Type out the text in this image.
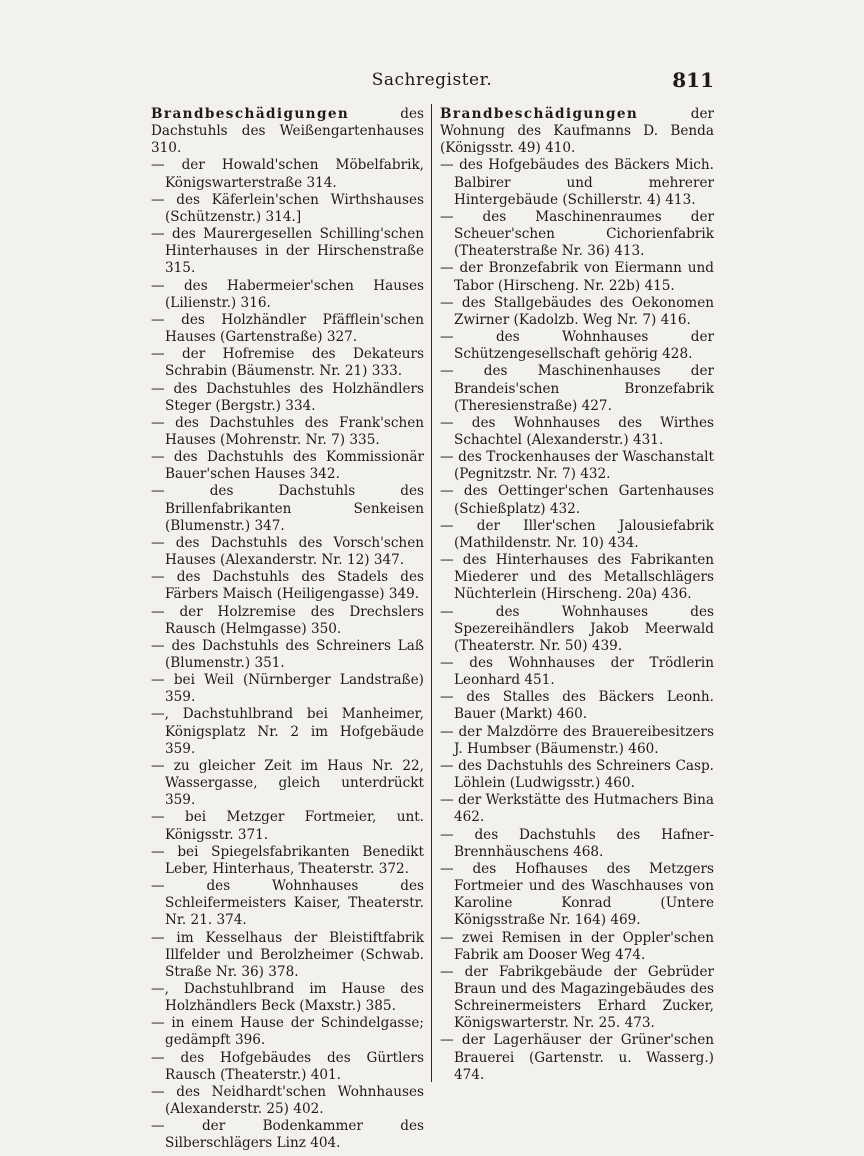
Sachregister.	811

Brandbeschädigungen des Dachstuhls des Weißengartenhauses 310.

— der Howald'schen Möbelfabrik, Königswarterstraße 314.

— des Käferlein'schen Wirthshauses (Schützenstr.) 314.]

— des Maurergesellen Schilling'schen Hinterhauses in der Hirschenstraße 315.

— des Habermeier'schen Hauses (Lilienstr.) 316.

— des Holzhändler Pfäfflein'schen Hauses (Gartenstraße) 327.

— der Hofremise des Dekateurs Schrabin (Bäumenstr. Nr. 21) 333.

— des Dachstuhles des Holzhändlers Steger (Bergstr.) 334.

— des Dachstuhles des Frank'schen Hauses (Mohrenstr. Nr. 7) 335.

— des Dachstuhls des Kommissionär Bauer'schen Hauses 342.

— des Dachstuhls des Brillenfabrikanten Senkeisen (Blumenstr.) 347.

— des Dachstuhls des Vorsch'schen Hauses (Alexanderstr. Nr. 12) 347.

— des Dachstuhls des Stadels des Färbers Maisch (Heiligengasse) 349.

— der Holzremise des Drechslers Rausch (Helmgasse) 350.

— des Dachstuhls des Schreiners Laß (Blumenstr.) 351.

— bei Weil (Nürnberger Landstraße) 359.

—, Dachstuhlbrand bei Manheimer, Königsplatz Nr. 2 im Hofgebäude 359.

— zu gleicher Zeit im Haus Nr. 22, Wassergasse, gleich unterdrückt 359.

— bei Metzger Fortmeier, unt. Königsstr. 371.

— bei Spiegelsfabrikanten Benedikt Leber, Hinterhaus, Theaterstr. 372.

— des Wohnhauses des Schleifermeisters Kaiser, Theaterstr. Nr. 21. 374.

— im Kesselhaus der Bleistiftfabrik Illfelder und Berolzheimer (Schwab. Straße Nr. 36) 378.

—, Dachstuhlbrand im Hause des Holzhändlers Beck (Maxstr.) 385.

— in einem Hause der Schindelgasse; gedämpft 396.

— des Hofgebäudes des Gürtlers Rausch (Theaterstr.) 401.

— des Neidhardt'schen Wohnhauses (Alexanderstr. 25) 402.

— der Bodenkammer des Silberschlägers Linz 404.

Brandbeschädigungen der Wohnung des Kaufmanns D. Benda (Königsstr. 49) 410.

— des Hofgebäudes des Bäckers Mich. Balbirer und mehrerer Hintergebäude (Schillerstr. 4) 413.

— des Maschinenraumes der Scheuer'schen Cichorienfabrik (Theaterstraße Nr. 36) 413.

— der Bronzefabrik von Eiermann und Tabor (Hirscheng. Nr. 22b) 415.

— des Stallgebäudes des Oekonomen Zwirner (Kadolzb. Weg Nr. 7) 416.

— des Wohnhauses der Schützengesellschaft gehörig 428.

— des Maschinenhauses der Brandeis'schen Bronzefabrik (Theresienstraße) 427.

— des Wohnhauses des Wirthes Schachtel (Alexanderstr.) 431.

— des Trockenhauses der Waschanstalt (Pegnitzstr. Nr. 7) 432.

— des Oettinger'schen Gartenhauses (Schießplatz) 432.

— der Iller'schen Jalousiefabrik (Mathildenstr. Nr. 10) 434.

— des Hinterhauses des Fabrikanten Miederer und des Metallschlägers Nüchterlein (Hirscheng. 20a) 436.

— des Wohnhauses des Spezereihändlers Jakob Meerwald (Theaterstr. Nr. 50) 439.

— des Wohnhauses der Trödlerin Leonhard 451.

— des Stalles des Bäckers Leonh. Bauer (Markt) 460.

— der Malzdörre des Brauereibesitzers J. Humbser (Bäumenstr.) 460.

— des Dachstuhls des Schreiners Casp. Löhlein (Ludwigsstr.) 460.

— der Werkstätte des Hutmachers Bina 462.

— des Dachstuhls des Hafner-Brennhäuschens 468.

— des Hofhauses des Metzgers Fortmeier und des Waschhauses von Karoline Konrad (Untere Königsstraße Nr. 164) 469.

— zwei Remisen in der Oppler'schen Fabrik am Dooser Weg 474.

— der Fabrikgebäude der Gebrüder Braun und des Magazingebäudes des Schreinermeisters Erhard Zucker, Königswarterstr. Nr. 25. 473.

— der Lagerhäuser der Grüner'schen Brauerei (Gartenstr. u. Wasserg.) 474.
